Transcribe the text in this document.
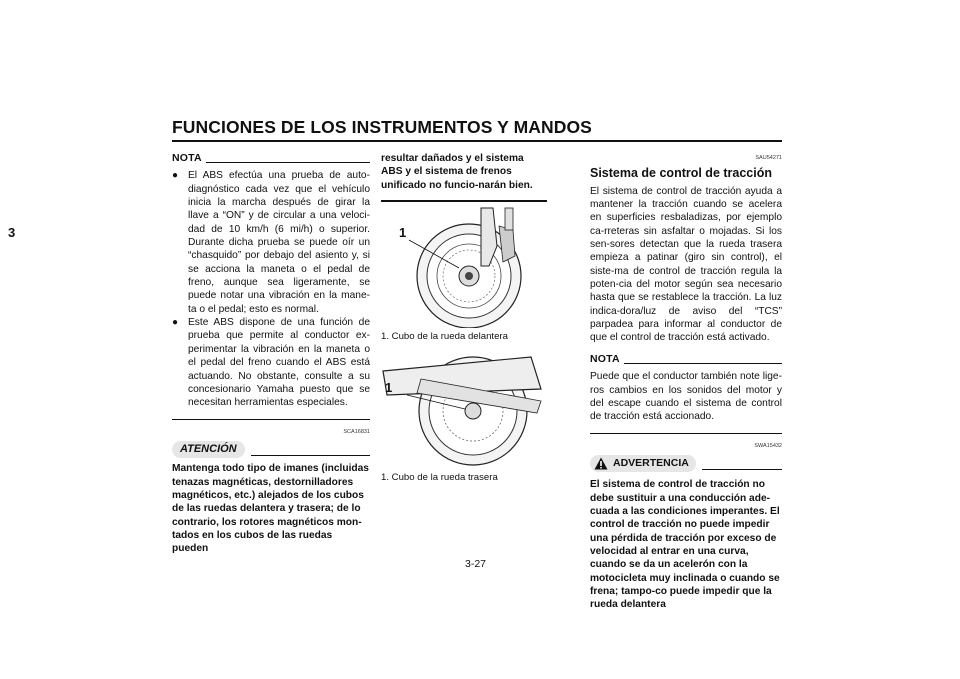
FUNCIONES DE LOS INSTRUMENTOS Y MANDOS
3
NOTA
● El ABS efectúa una prueba de auto-diagnóstico cada vez que el vehículo inicia la marcha después de girar la llave a “ON” y de circular a una veloci-dad de 10 km/h (6 mi/h) o superior. Durante dicha prueba se puede oír un “chasquido” por debajo del asiento y, si se acciona la maneta o el pedal de freno, aunque sea ligeramente, se puede notar una vibración en la mane-ta o el pedal; esto es normal.
● Este ABS dispone de una función de prueba que permite al conductor ex-perimentar la vibración en la maneta o el pedal del freno cuando el ABS está actuando. No obstante, consulte a su concesionario Yamaha puesto que se necesitan herramientas especiales.
SCA16831
ATENCIÓN
Mantenga todo tipo de imanes (incluidas tenazas magnéticas, destornilladores magnéticos, etc.) alejados de los cubos de las ruedas delantera y trasera; de lo contrario, los rotores magnéticos mon-tados en los cubos de las ruedas pueden
resultar dañados y el sistema ABS y el sistema de frenos unificado no funcio-narán bien.
1
1. Cubo de la rueda delantera
1
1. Cubo de la rueda trasera
SAU54271
Sistema de control de tracción
El sistema de control de tracción ayuda a mantener la tracción cuando se acelera en superficies resbaladizas, por ejemplo ca-rreteras sin asfaltar o mojadas. Si los sen-sores detectan que la rueda trasera empieza a patinar (giro sin control), el siste-ma de control de tracción regula la poten-cia del motor según sea necesario hasta que se restablece la tracción. La luz indica-dora/luz de aviso del “TCS” parpadea para informar al conductor de que el control de tracción está activado.
NOTA
Puede que el conductor también note lige-ros cambios en los sonidos del motor y del escape cuando el sistema de control de tracción está accionado.
SWA15432
ADVERTENCIA
El sistema de control de tracción no debe sustituir a una conducción ade-cuada a las condiciones imperantes. El control de tracción no puede impedir una pérdida de tracción por exceso de velocidad al entrar en una curva, cuando se da un acelerón con la motocicleta muy inclinada o cuando se frena; tampo-co puede impedir que la rueda delantera
3-27
